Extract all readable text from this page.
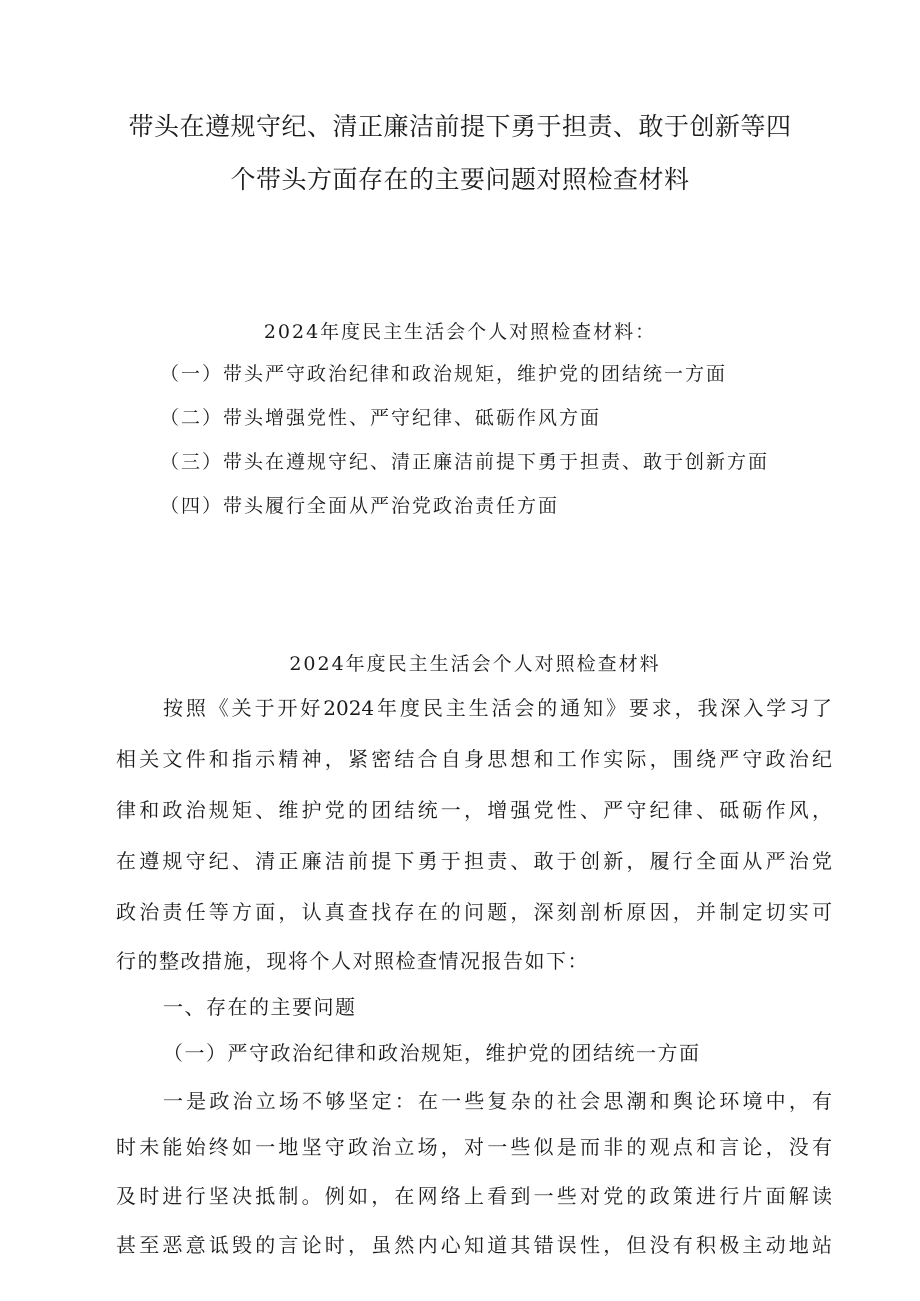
带头在遵规守纪、清正廉洁前提下勇于担责、敢于创新等四
个带头方面存在的主要问题对照检查材料

2024年度民主生活会个人对照检查材料：

（一）带头严守政治纪律和政治规矩，维护党的团结统一方面

（二）带头增强党性、严守纪律、砥砺作风方面

（三）带头在遵规守纪、清正廉洁前提下勇于担责、敢于创新方面

（四）带头履行全面从严治党政治责任方面

2024年度民主生活会个人对照检查材料

按照《关于开好2024年度民主生活会的通知》要求，我深入学习了

相关文件和指示精神，紧密结合自身思想和工作实际，围绕严守政治纪

律和政治规矩、维护党的团结统一，增强党性、严守纪律、砥砺作风，

在遵规守纪、清正廉洁前提下勇于担责、敢于创新，履行全面从严治党

政治责任等方面，认真查找存在的问题，深刻剖析原因，并制定切实可

行的整改措施，现将个人对照检查情况报告如下：

一、存在的主要问题

（一）严守政治纪律和政治规矩，维护党的团结统一方面

一是政治立场不够坚定：在一些复杂的社会思潮和舆论环境中，有

时未能始终如一地坚守政治立场，对一些似是而非的观点和言论，没有

及时进行坚决抵制。例如，在网络上看到一些对党的政策进行片面解读

甚至恶意诋毁的言论时，虽然内心知道其错误性，但没有积极主动地站
